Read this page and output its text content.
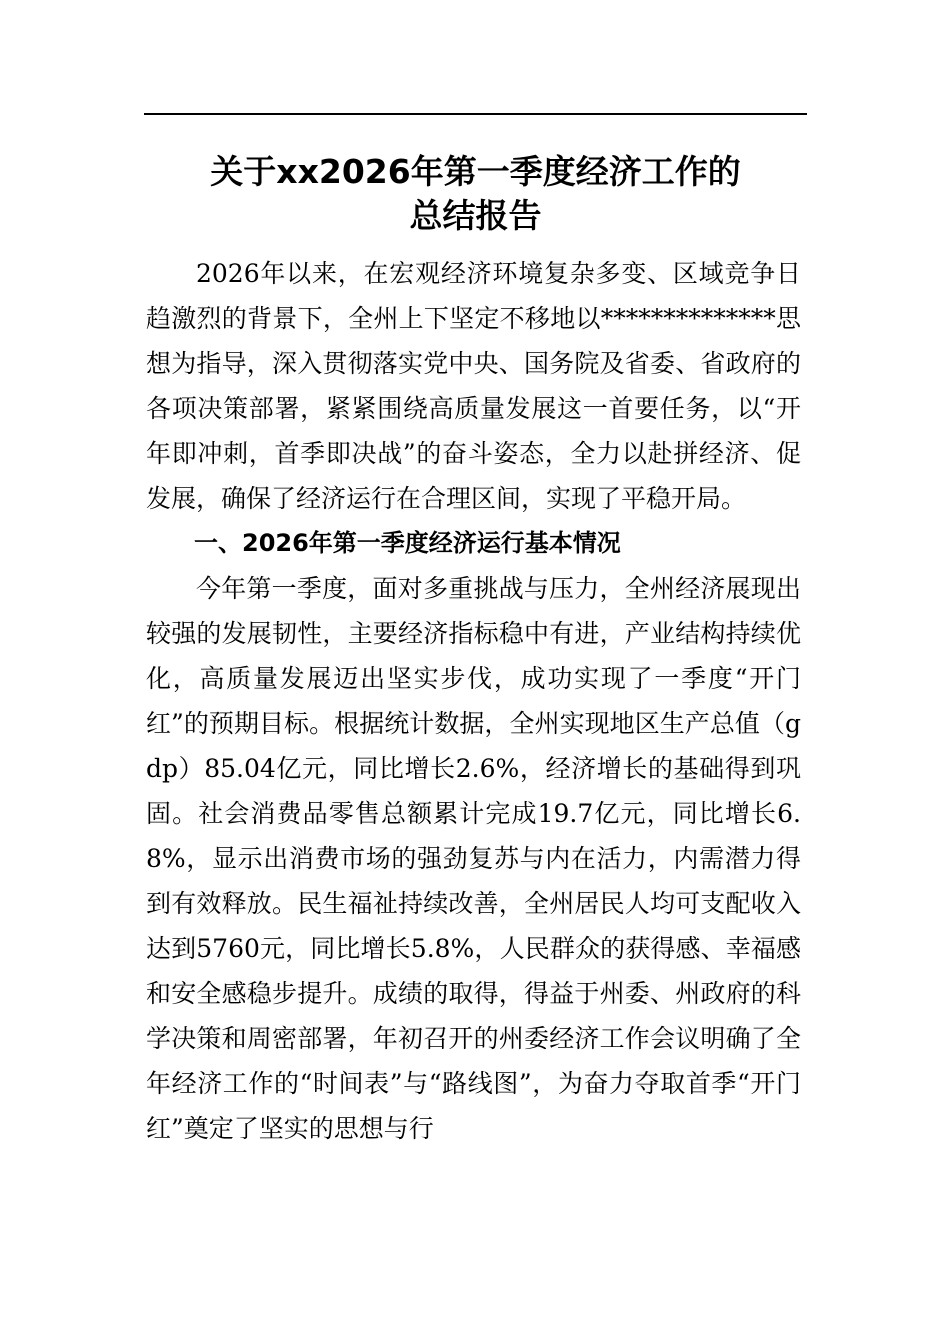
关于xx2026年第一季度经济工作的
总结报告

2026年以来，在宏观经济环境复杂多变、区域竞争日趋激烈的背景下，全州上下坚定不移地以**************思想为指导，深入贯彻落实党中央、国务院及省委、省政府的各项决策部署，紧紧围绕高质量发展这一首要任务，以“开年即冲刺，首季即决战”的奋斗姿态，全力以赴拼经济、促发展，确保了经济运行在合理区间，实现了平稳开局。

一、2026年第一季度经济运行基本情况

今年第一季度，面对多重挑战与压力，全州经济展现出较强的发展韧性，主要经济指标稳中有进，产业结构持续优化，高质量发展迈出坚实步伐，成功实现了一季度“开门红”的预期目标。根据统计数据，全州实现地区生产总值（gdp）85.04亿元，同比增长2.6%，经济增长的基础得到巩固。社会消费品零售总额累计完成19.7亿元，同比增长6.8%，显示出消费市场的强劲复苏与内在活力，内需潜力得到有效释放。民生福祉持续改善，全州居民人均可支配收入达到5760元，同比增长5.8%，人民群众的获得感、幸福感和安全感稳步提升。成绩的取得，得益于州委、州政府的科学决策和周密部署，年初召开的州委经济工作会议明确了全年经济工作的“时间表”与“路线图”，为奋力夺取首季“开门红”奠定了坚实的思想与行
